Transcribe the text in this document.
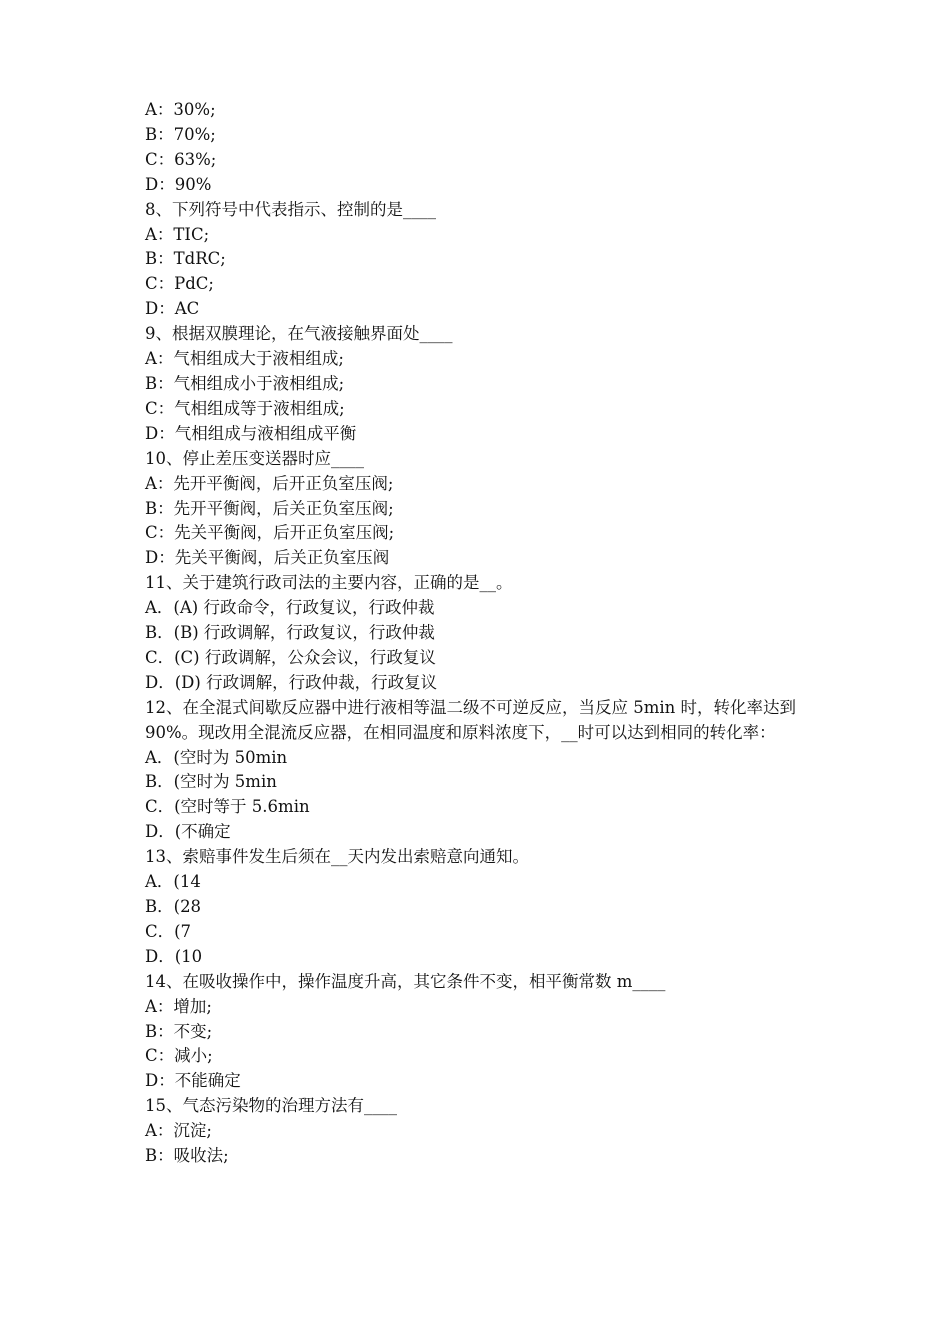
A：30%;

B：70%;

C：63%;

D：90%

8、下列符号中代表指示、控制的是____

A：TIC;

B：TdRC;

C：PdC;

D：AC

9、根据双膜理论，在气液接触界面处____

A：气相组成大于液相组成;

B：气相组成小于液相组成;

C：气相组成等于液相组成;

D：气相组成与液相组成平衡

10、停止差压变送器时应____

A：先开平衡阀，后开正负室压阀;

B：先开平衡阀，后关正负室压阀;

C：先关平衡阀，后开正负室压阀;

D：先关平衡阀，后关正负室压阀

11、关于建筑行政司法的主要内容，正确的是__。

A．(A) 行政命令，行政复议，行政仲裁

B．(B) 行政调解，行政复议，行政仲裁

C．(C) 行政调解，公众会议，行政复议

D．(D) 行政调解，行政仲裁，行政复议

12、在全混式间歇反应器中进行液相等温二级不可逆反应，当反应 5min 时，转化率达到 90%。现改用全混流反应器，在相同温度和原料浓度下，__时可以达到相同的转化率：

A．(空时为 50min

B．(空时为 5min

C．(空时等于 5.6min

D．(不确定

13、索赔事件发生后须在__天内发出索赔意向通知。

A．(14

B．(28

C．(7

D．(10

14、在吸收操作中，操作温度升高，其它条件不变，相平衡常数 m____

A：增加;

B：不变;

C：减小;

D：不能确定

15、气态污染物的治理方法有____

A：沉淀;

B：吸收法;
